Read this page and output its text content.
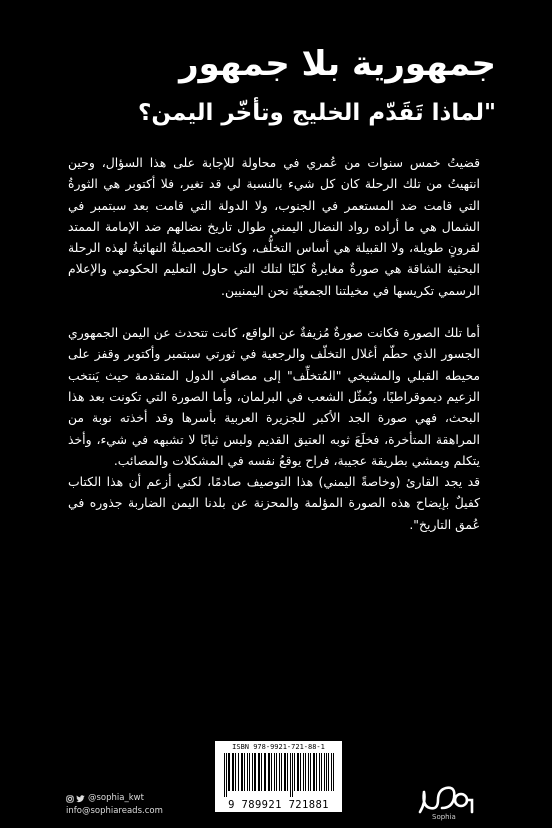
جمهورية بلا جمهور
"لماذا تَقَدّم الخليج وتأخّر اليمن؟

قضيتُ خمس سنوات من عُمري في محاولة للإجابة على هذا السؤال، وحين انتهيتُ من تلك الرحلة كان كل شيء بالنسبة لي قد تغير، فلا أكتوبر هي الثورةُ التي قامت ضد المستعمر في الجنوب، ولا الدولة التي قامت بعد سبتمبر في الشمال هي ما أراده رواد النضال اليمني طوال تاريخ نضالهم ضد الإمامة الممتد لقرونٍ طويلة، ولا القبيلة هي أساس التخلُّف، وكانت الحصيلةُ النهائيةُ لهذه الرحلة البحثية الشاقة هي صورةٌ مغايرةٌ كليًا لتلك التي حاول التعليم الحكومي والإعلام الرسمي تكريسها في مخيلتنا الجمعيّة نحن اليمنيين.

أما تلك الصورة فكانت صورةٌ مُزيفةٌ عن الواقع، كانت تتحدث عن اليمن الجمهوري الجسور الذي حطّم أغلال التخلّف والرجعية في ثورتي سبتمبر وأكتوبر وقفز على محيطه القبلي والمشيخي "المُتخلِّف" إلى مصافي الدول المتقدمة حيث يَنتخب الزعيم ديموقراطيًا، ويُمثّل الشعب في البرلمان، وأما الصورة التي تكونت بعد هذا البحث، فهي صورة الجد الأكبر للجزيرة العربية بأسرها وقد أخذته نوبة من المراهقة المتأخرة، فخلَعَ ثوبه العتيق القديم ولبس ثيابًا لا تشبهه في شيء، وأخذ يتكلم ويمشي بطريقة عجيبة، فراح يوقعُ نفسه في المشكلات والمصائب.

قد يجد القارئ (وخاصةً اليمني) هذا التوصيف صادمًا، لكني أزعم أن هذا الكتاب كفيلٌ بإيضاح هذه الصورة المؤلمة والمحزنة عن بلدنا اليمن الضاربة جذوره في عُمق التاريخ".

ISBN 978-9921-721-88-1
9 789921 721881
@sophia_kwt
info@sophiareads.com
Sophia
